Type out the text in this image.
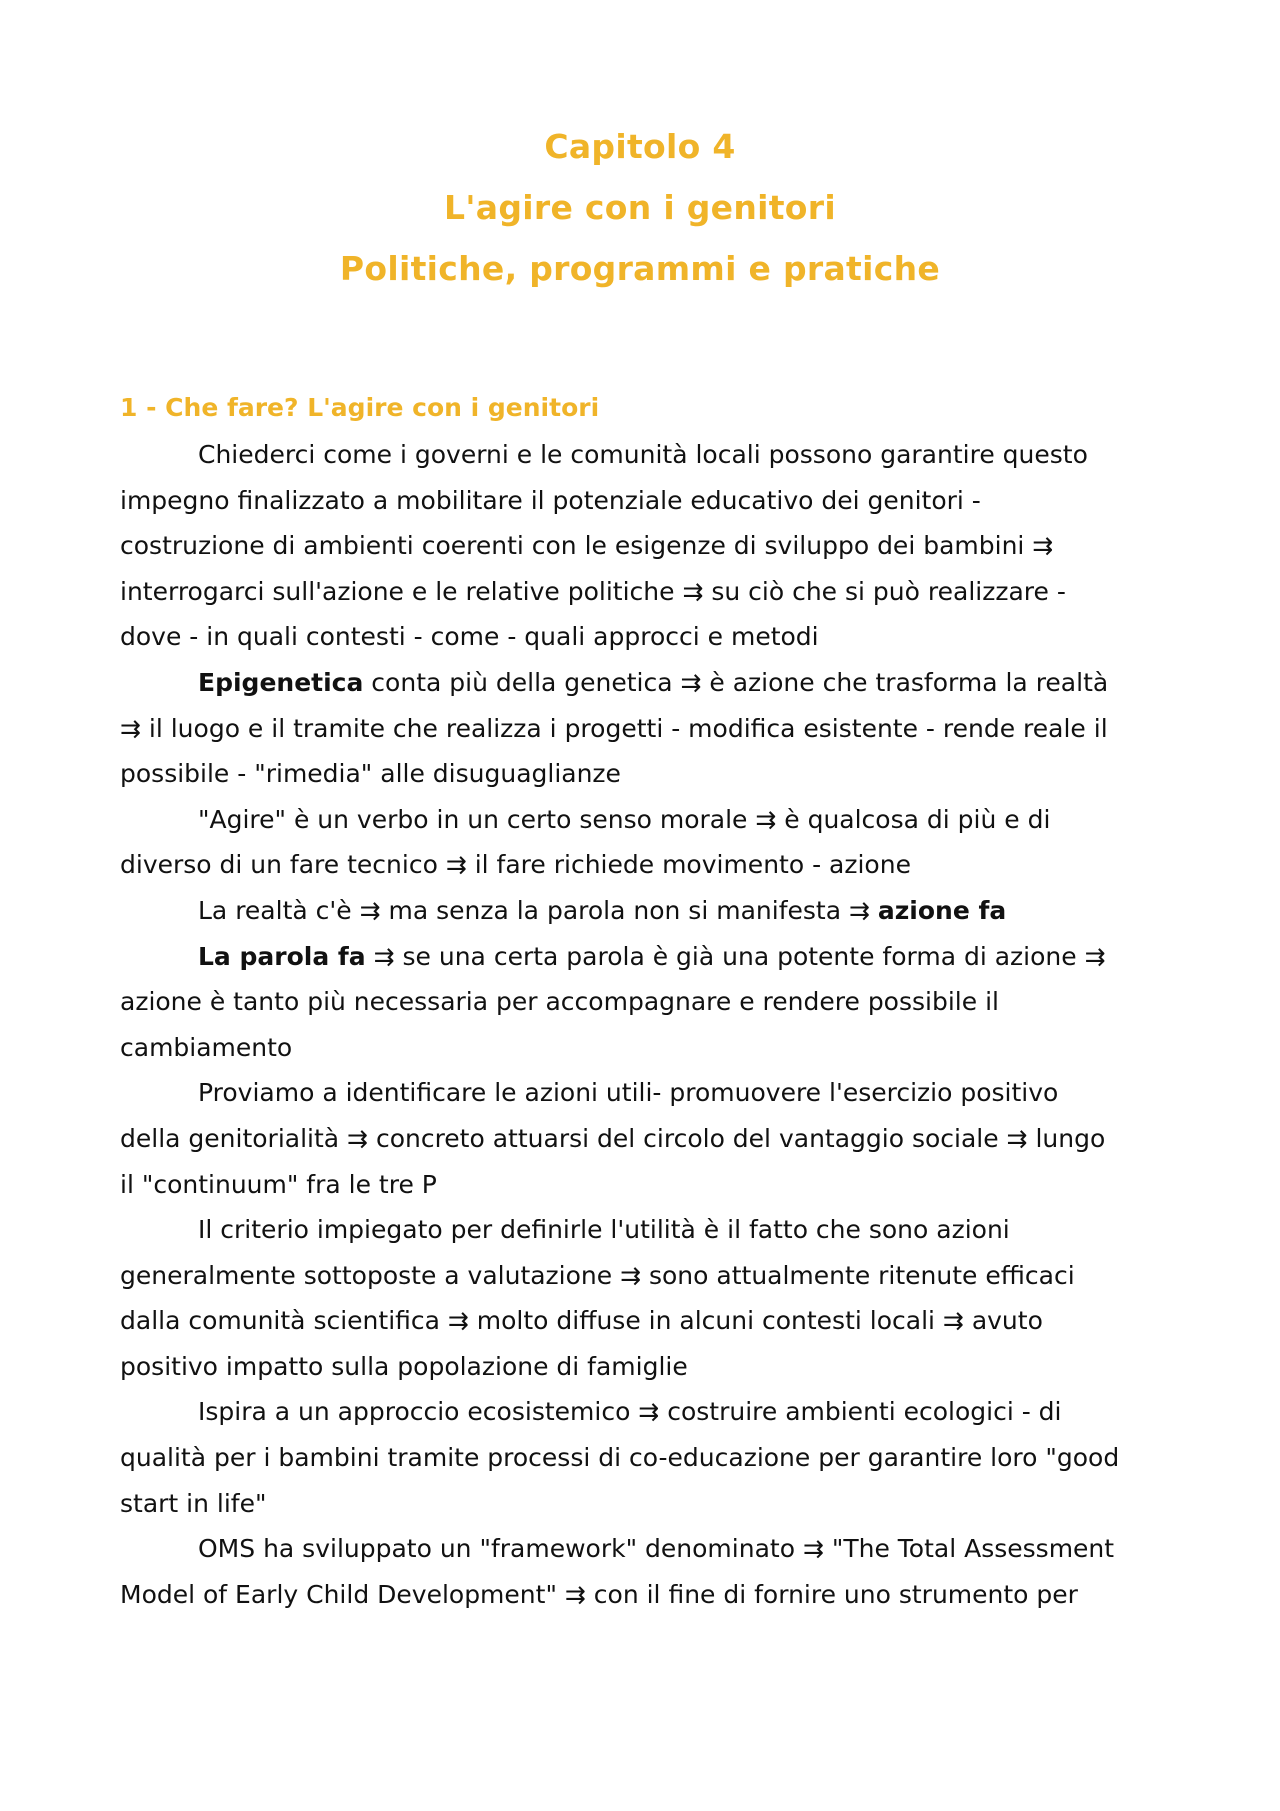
Capitolo 4
L'agire con i genitori
Politiche, programmi e pratiche
1 - Che fare? L'agire con i genitori
Chiederci come i governi e le comunità locali possono garantire questo
impegno finalizzato a mobilitare il potenziale educativo dei genitori -
costruzione di ambienti coerenti con le esigenze di sviluppo dei bambini ⇉
interrogarci sull'azione e le relative politiche ⇉ su ciò che si può realizzare -
dove - in quali contesti - come - quali approcci e metodi
Epigenetica conta più della genetica ⇉ è azione che trasforma la realtà
⇉ il luogo e il tramite che realizza i progetti - modifica esistente - rende reale il
possibile - "rimedia" alle disuguaglianze
"Agire" è un verbo in un certo senso morale ⇉ è qualcosa di più e di
diverso di un fare tecnico ⇉ il fare richiede movimento - azione
La realtà c'è ⇉ ma senza la parola non si manifesta ⇉ azione fa
La parola fa ⇉ se una certa parola è già una potente forma di azione ⇉
azione è tanto più necessaria per accompagnare e rendere possibile il
cambiamento
Proviamo a identificare le azioni utili- promuovere l'esercizio positivo
della genitorialità ⇉ concreto attuarsi del circolo del vantaggio sociale ⇉ lungo
il "continuum" fra le tre P
Il criterio impiegato per definirle l'utilità è il fatto che sono azioni
generalmente sottoposte a valutazione ⇉ sono attualmente ritenute efficaci
dalla comunità scientifica ⇉ molto diffuse in alcuni contesti locali ⇉ avuto
positivo impatto sulla popolazione di famiglie
Ispira a un approccio ecosistemico ⇉ costruire ambienti ecologici - di
qualità per i bambini tramite processi di co-educazione per garantire loro "good
start in life"
OMS ha sviluppato un "framework" denominato ⇉ "The Total Assessment
Model of Early Child Development" ⇉ con il fine di fornire uno strumento per
